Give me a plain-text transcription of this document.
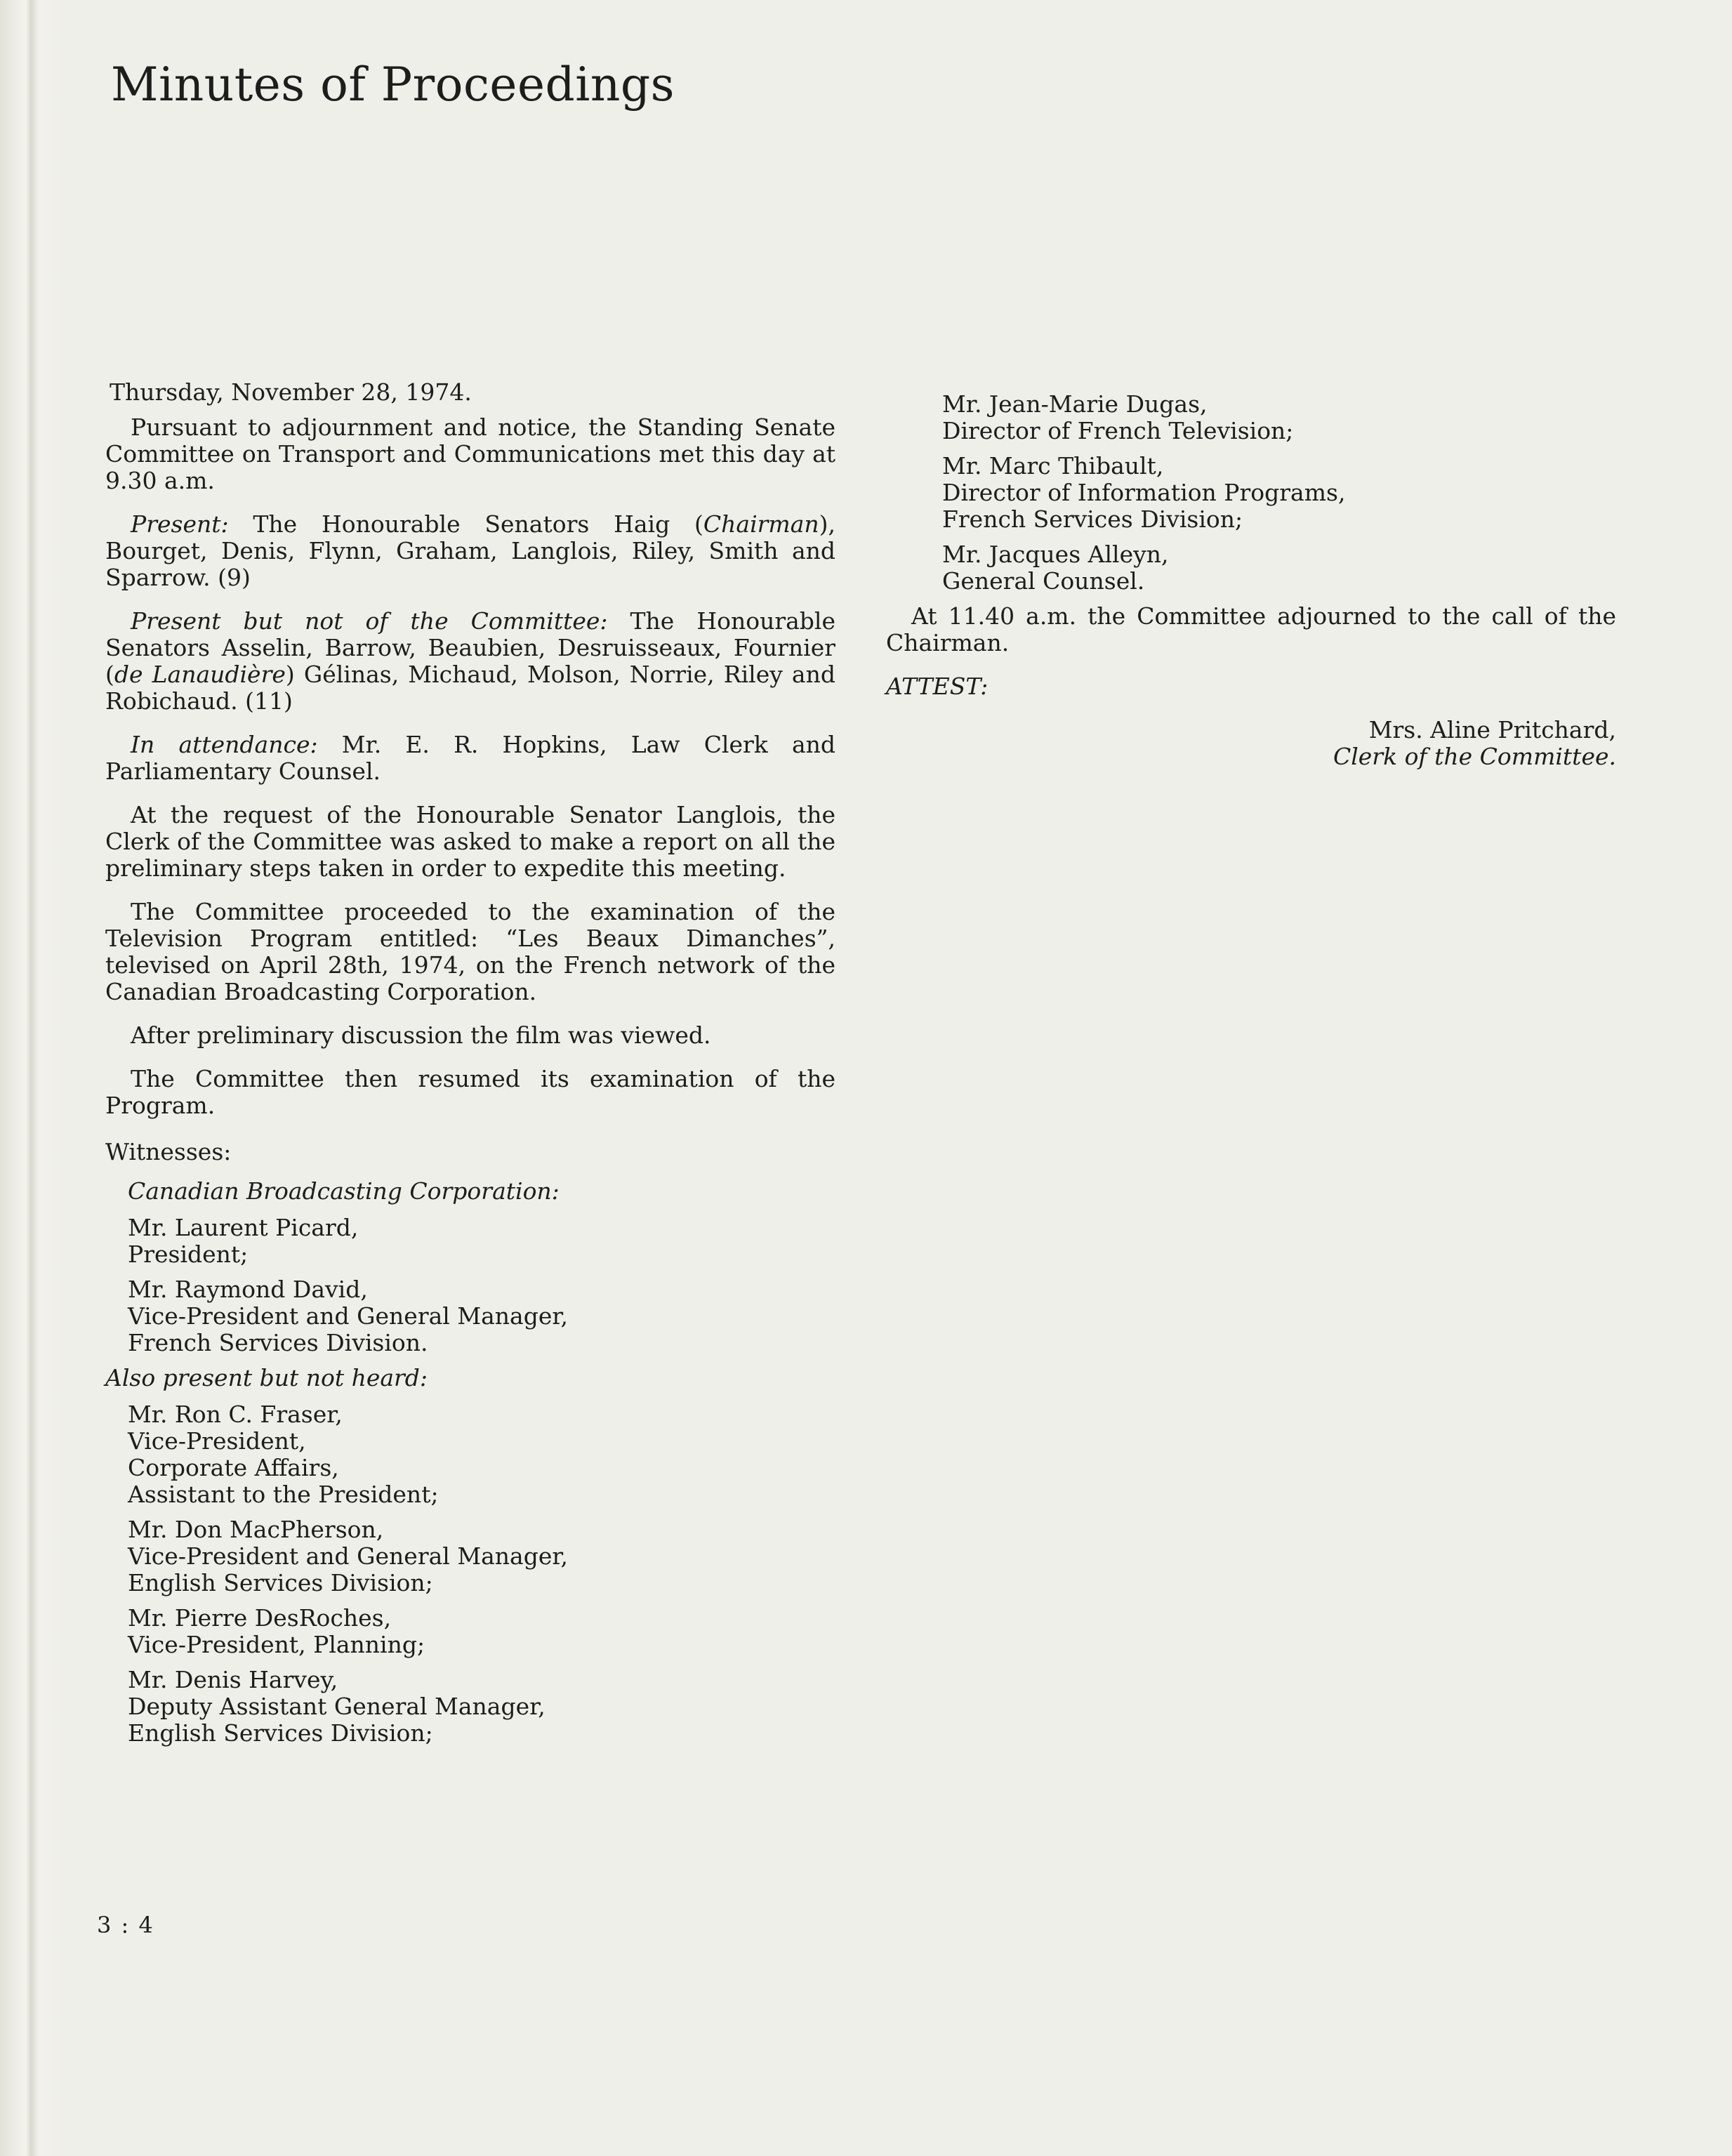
Minutes of Proceedings

Thursday, November 28, 1974.

Pursuant to adjournment and notice, the Standing Senate Committee on Transport and Communications met this day at 9.30 a.m.

Present: The Honourable Senators Haig (Chairman), Bourget, Denis, Flynn, Graham, Langlois, Riley, Smith and Sparrow. (9)

Present but not of the Committee: The Honourable Senators Asselin, Barrow, Beaubien, Desruisseaux, Fournier (de Lanaudière) Gélinas, Michaud, Molson, Norrie, Riley and Robichaud. (11)

In attendance: Mr. E. R. Hopkins, Law Clerk and Parliamentary Counsel.

At the request of the Honourable Senator Langlois, the Clerk of the Committee was asked to make a report on all the preliminary steps taken in order to expedite this meeting.

The Committee proceeded to the examination of the Television Program entitled: “Les Beaux Dimanches”, televised on April 28th, 1974, on the French network of the Canadian Broadcasting Corporation.

After preliminary discussion the film was viewed.

The Committee then resumed its examination of the Program.

Witnesses:
Canadian Broadcasting Corporation:
Mr. Laurent Picard,
President;
Mr. Raymond David,
Vice-President and General Manager,
French Services Division.
Also present but not heard:
Mr. Ron C. Fraser,
Vice-President,
Corporate Affairs,
Assistant to the President;
Mr. Don MacPherson,
Vice-President and General Manager,
English Services Division;
Mr. Pierre DesRoches,
Vice-President, Planning;
Mr. Denis Harvey,
Deputy Assistant General Manager,
English Services Division;
Mr. Jean-Marie Dugas,
Director of French Television;
Mr. Marc Thibault,
Director of Information Programs,
French Services Division;
Mr. Jacques Alleyn,
General Counsel.

At 11.40 a.m. the Committee adjourned to the call of the Chairman.

ATTEST:

Mrs. Aline Pritchard,
Clerk of the Committee.
3 : 4
